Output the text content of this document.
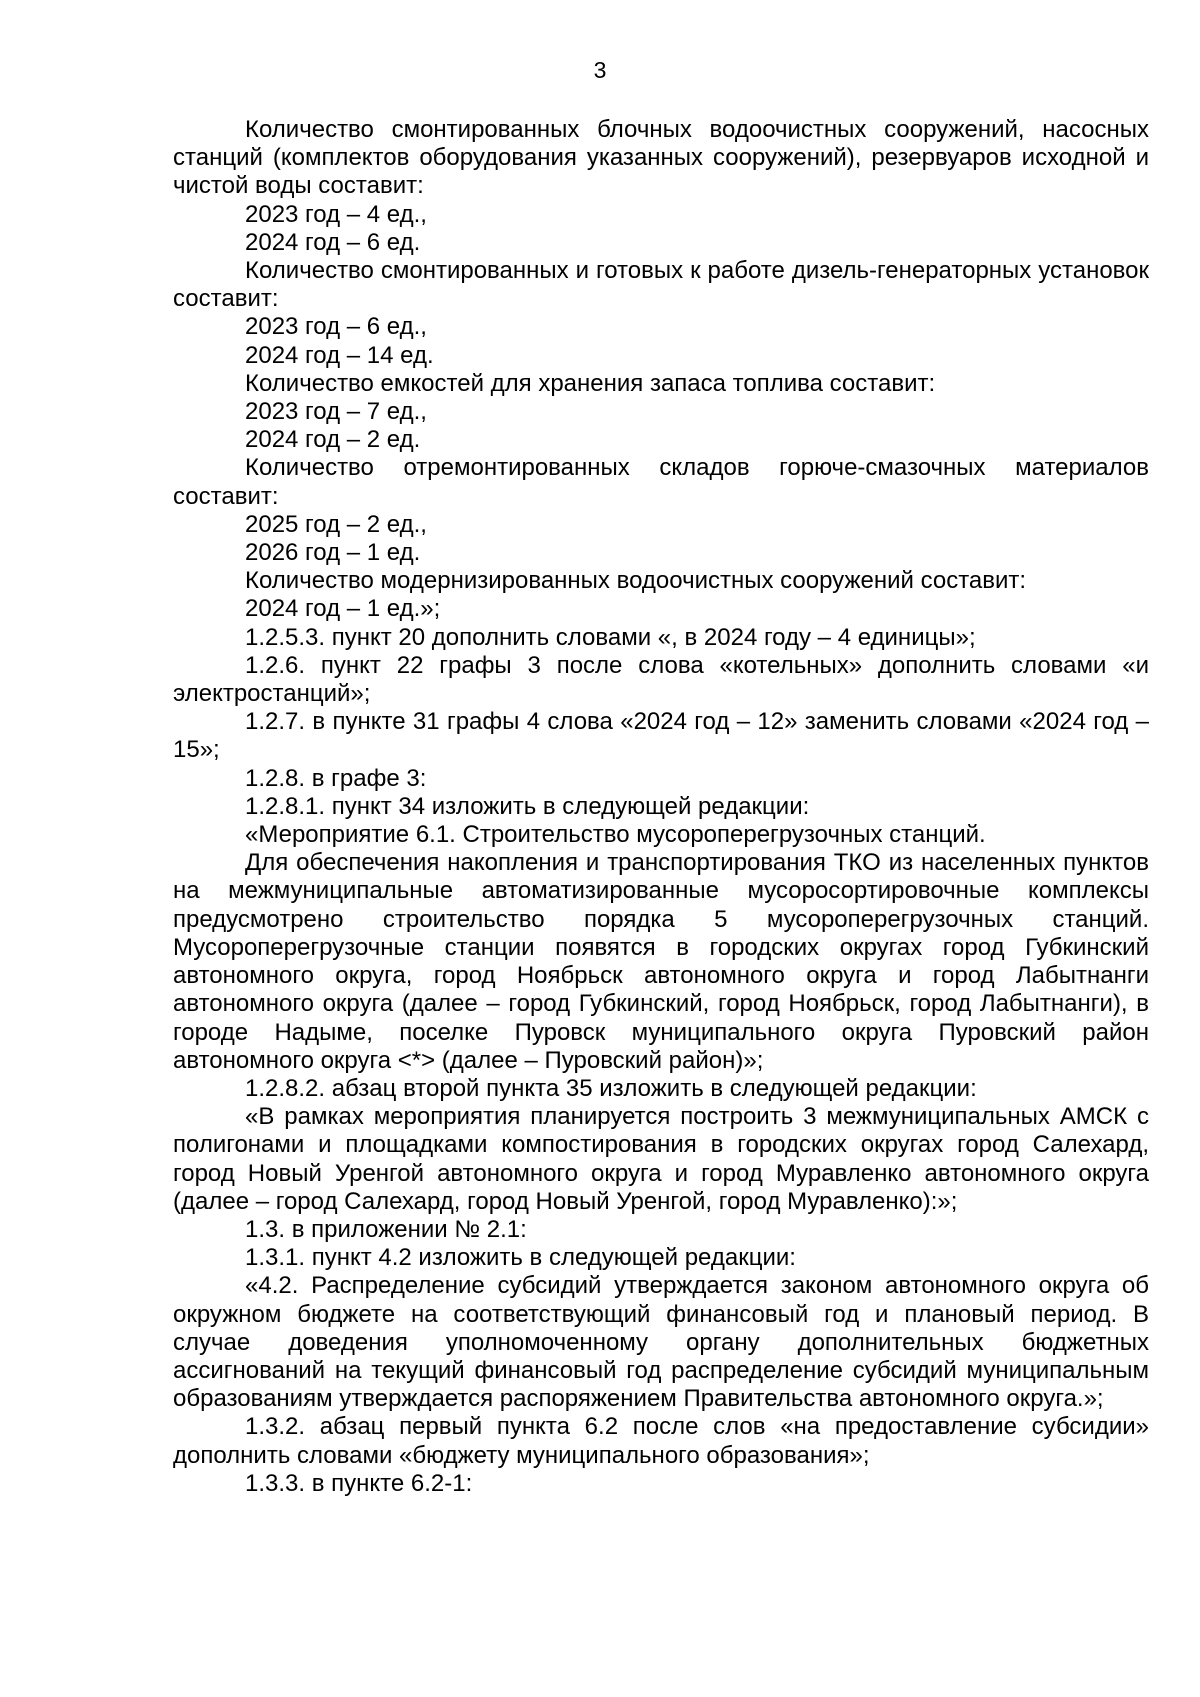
3

Количество смонтированных блочных водоочистных сооружений, насосных станций (комплектов оборудования указанных сооружений), резервуаров исходной и чистой воды составит:

2023 год – 4 ед.,

2024 год – 6 ед.

Количество смонтированных и готовых к работе дизель-генераторных установок составит:

2023 год – 6 ед.,

2024 год – 14 ед.

Количество емкостей для хранения запаса топлива составит:

2023 год – 7 ед.,

2024 год – 2 ед.

Количество отремонтированных складов горюче-смазочных материалов составит:

2025 год – 2 ед.,

2026 год – 1 ед.

Количество модернизированных водоочистных сооружений составит:

2024 год – 1 ед.»;

1.2.5.3. пункт 20 дополнить словами «, в 2024 году – 4 единицы»;

1.2.6. пункт 22 графы 3 после слова «котельных» дополнить словами «и электростанций»;

1.2.7. в пункте 31 графы 4 слова «2024 год – 12» заменить словами «2024 год – 15»;

1.2.8. в графе 3:

1.2.8.1. пункт 34 изложить в следующей редакции:

«Мероприятие 6.1. Строительство мусороперегрузочных станций.

Для обеспечения накопления и транспортирования ТКО из населенных пунктов на межмуниципальные автоматизированные мусоросортировочные комплексы предусмотрено строительство порядка 5 мусороперегрузочных станций. Мусороперегрузочные станции появятся в городских округах город Губкинский автономного округа, город Ноябрьск автономного округа и город Лабытнанги автономного округа (далее – город Губкинский, город Ноябрьск, город Лабытнанги), в городе Надыме, поселке Пуровск муниципального округа Пуровский район автономного округа <*> (далее – Пуровский район)»;

1.2.8.2. абзац второй пункта 35 изложить в следующей редакции:

«В рамках мероприятия планируется построить 3 межмуниципальных АМСК с полигонами и площадками компостирования в городских округах город Салехард, город Новый Уренгой автономного округа и город Муравленко автономного округа (далее – город Салехард, город Новый Уренгой, город Муравленко):»;

1.3. в приложении № 2.1:

1.3.1. пункт 4.2 изложить в следующей редакции:

«4.2. Распределение субсидий утверждается законом автономного округа об окружном бюджете на соответствующий финансовый год и плановый период. В случае доведения уполномоченному органу дополнительных бюджетных ассигнований на текущий финансовый год распределение субсидий муниципальным образованиям утверждается распоряжением Правительства автономного округа.»;

1.3.2. абзац первый пункта 6.2 после слов «на предоставление субсидии» дополнить словами «бюджету муниципального образования»;

1.3.3. в пункте 6.2-1:
